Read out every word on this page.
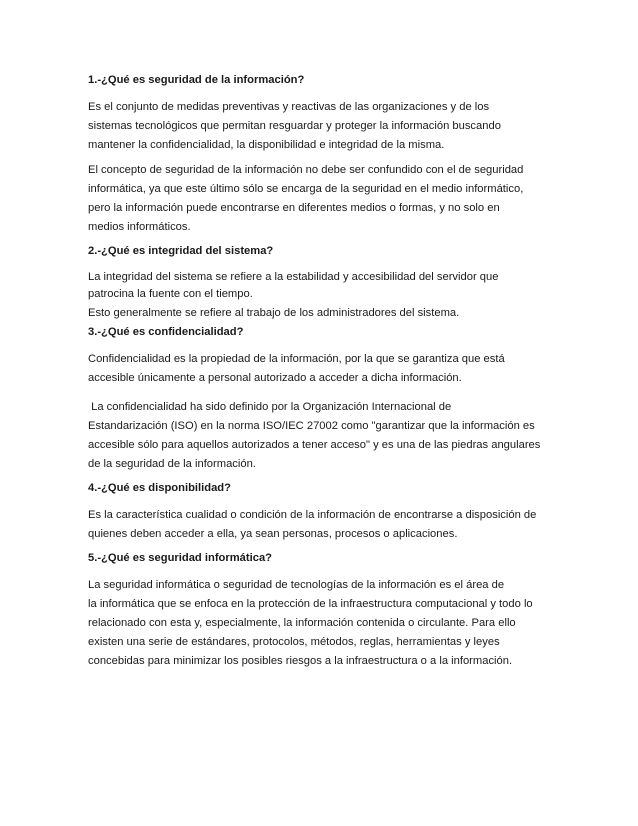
1.-¿Qué es seguridad de la información?
Es el conjunto de medidas preventivas y reactivas de las organizaciones y de los
sistemas tecnológicos que permitan resguardar y proteger la información buscando
mantener la confidencialidad, la disponibilidad e integridad de la misma.
El concepto de seguridad de la información no debe ser confundido con el de seguridad
informática, ya que este último sólo se encarga de la seguridad en el medio informático,
pero la información puede encontrarse en diferentes medios o formas, y no solo en
medios informáticos.
2.-¿Qué es integridad del sistema?
La integridad del sistema se refiere a la estabilidad y accesibilidad del servidor que
patrocina la fuente con el tiempo.
Esto generalmente se refiere al trabajo de los administradores del sistema.
3.-¿Qué es confidencialidad?
Confidencialidad es la propiedad de la información, por la que se garantiza que está
accesible únicamente a personal autorizado a acceder a dicha información.
La confidencialidad ha sido definido por la Organización Internacional de
Estandarización (ISO) en la norma ISO/IEC 27002 como "garantizar que la información es
accesible sólo para aquellos autorizados a tener acceso" y es una de las piedras angulares
de la seguridad de la información.
4.-¿Qué es disponibilidad?
Es la característica cualidad o condición de la información de encontrarse a disposición de
quienes deben acceder a ella, ya sean personas, procesos o aplicaciones.
5.-¿Qué es seguridad informática?
La seguridad informática o seguridad de tecnologías de la información es el área de
la informática que se enfoca en la protección de la infraestructura computacional y todo lo
relacionado con esta y, especialmente, la información contenida o circulante. Para ello
existen una serie de estándares, protocolos, métodos, reglas, herramientas y leyes
concebidas para minimizar los posibles riesgos a la infraestructura o a la información.
